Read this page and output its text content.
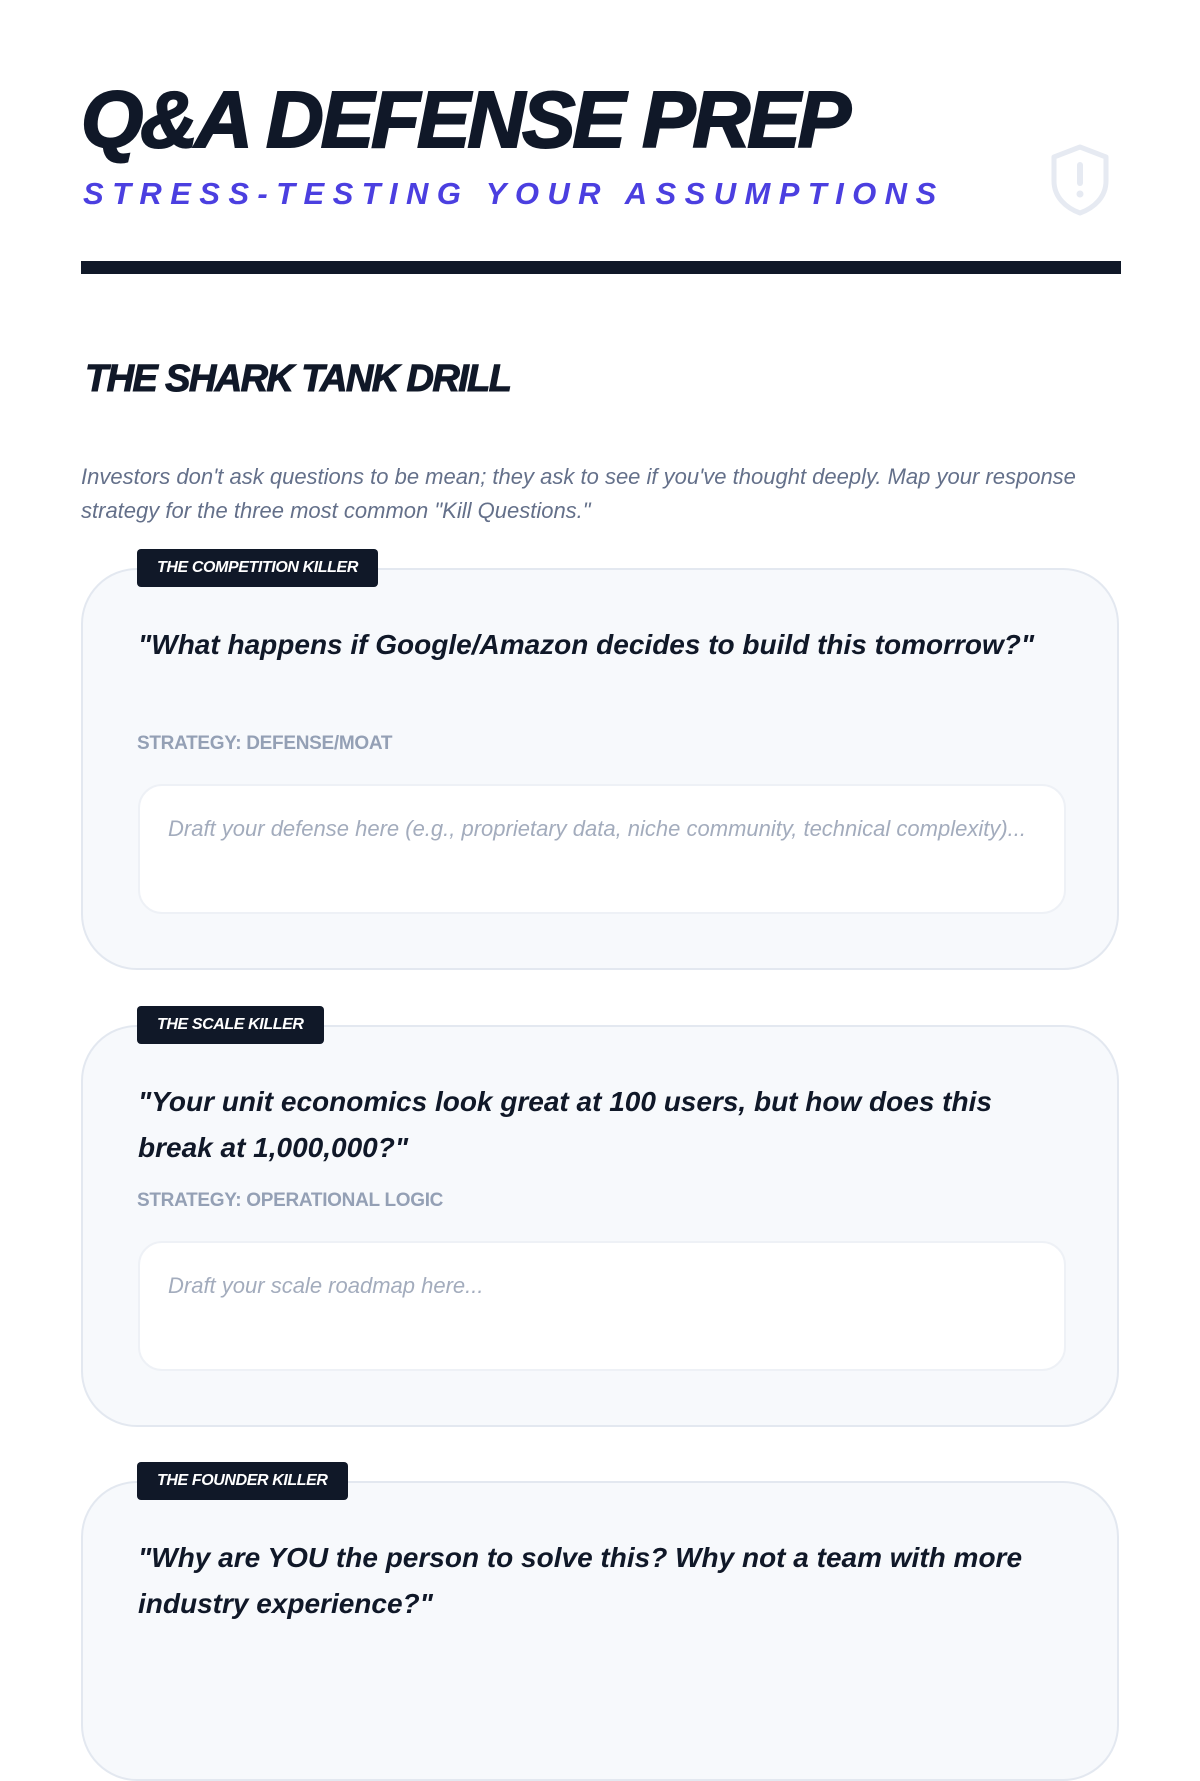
Q&A DEFENSE PREP
STRESS-TESTING YOUR ASSUMPTIONS
THE SHARK TANK DRILL

Investors don't ask questions to be mean; they ask to see if you've thought deeply. Map your response strategy for the three most common "Kill Questions."

THE COMPETITION KILLER

"What happens if Google/Amazon decides to build this tomorrow?"

STRATEGY: DEFENSE/MOAT

Draft your defense here (e.g., proprietary data, niche community, technical complexity)...
THE SCALE KILLER

"Your unit economics look great at 100 users, but how does this break at 1,000,000?"

STRATEGY: OPERATIONAL LOGIC

Draft your scale roadmap here...
THE FOUNDER KILLER

"Why are YOU the person to solve this? Why not a team with more industry experience?"
